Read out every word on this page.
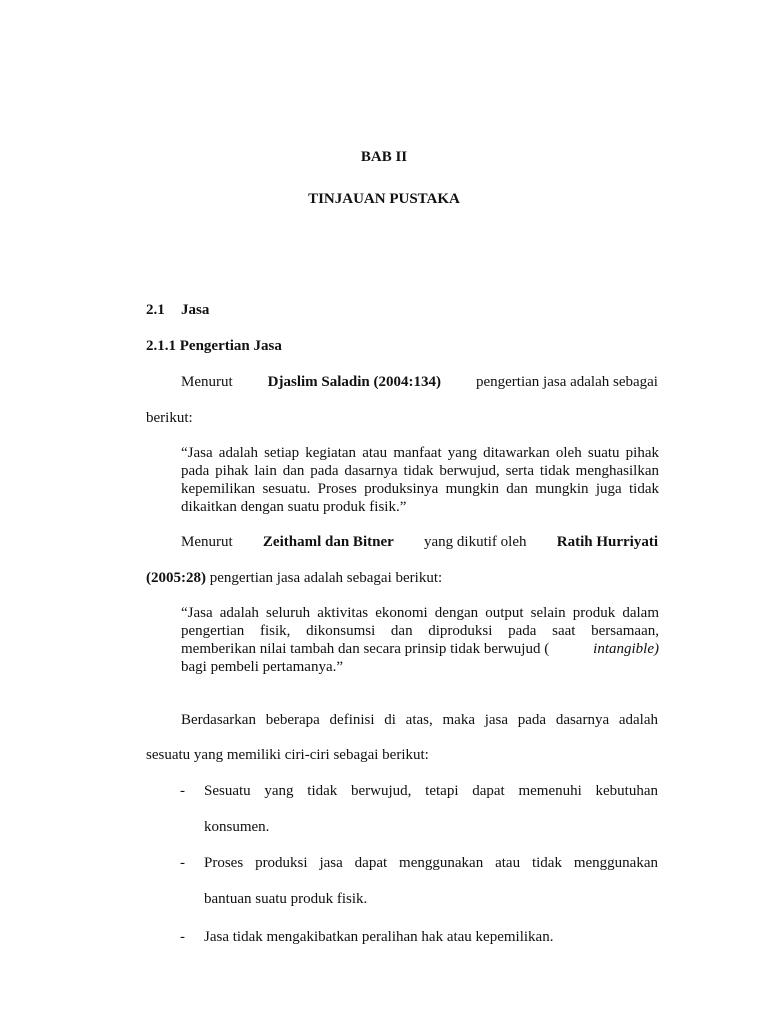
BAB II
TINJAUAN PUSTAKA
2.1 Jasa
2.1.1 Pengertian Jasa
Menurut Djaslim Saladin (2004:134) pengertian jasa adalah sebagai
berikut:
“Jasa adalah setiap kegiatan atau manfaat yang ditawarkan oleh suatu pihak
pada pihak lain dan pada dasarnya tidak berwujud, serta tidak menghasilkan
kepemilikan sesuatu. Proses produksinya mungkin dan mungkin juga tidak
dikaitkan dengan suatu produk fisik.”
Menurut Zeithaml dan Bitner yang dikutif oleh Ratih Hurriyati
(2005:28) pengertian jasa adalah sebagai berikut:
“Jasa adalah seluruh aktivitas ekonomi dengan output selain produk dalam
pengertian fisik, dikonsumsi dan diproduksi pada saat bersamaan,
memberikan nilai tambah dan secara prinsip tidak berwujud (	intangible)
bagi pembeli pertamanya.”
Berdasarkan beberapa definisi di atas, maka jasa pada dasarnya adalah
sesuatu yang memiliki ciri-ciri sebagai berikut:
- Sesuatu yang tidak berwujud, tetapi dapat memenuhi kebutuhan
konsumen.
- Proses produksi jasa dapat menggunakan atau tidak menggunakan
bantuan suatu produk fisik.
- Jasa tidak mengakibatkan peralihan hak atau kepemilikan.
